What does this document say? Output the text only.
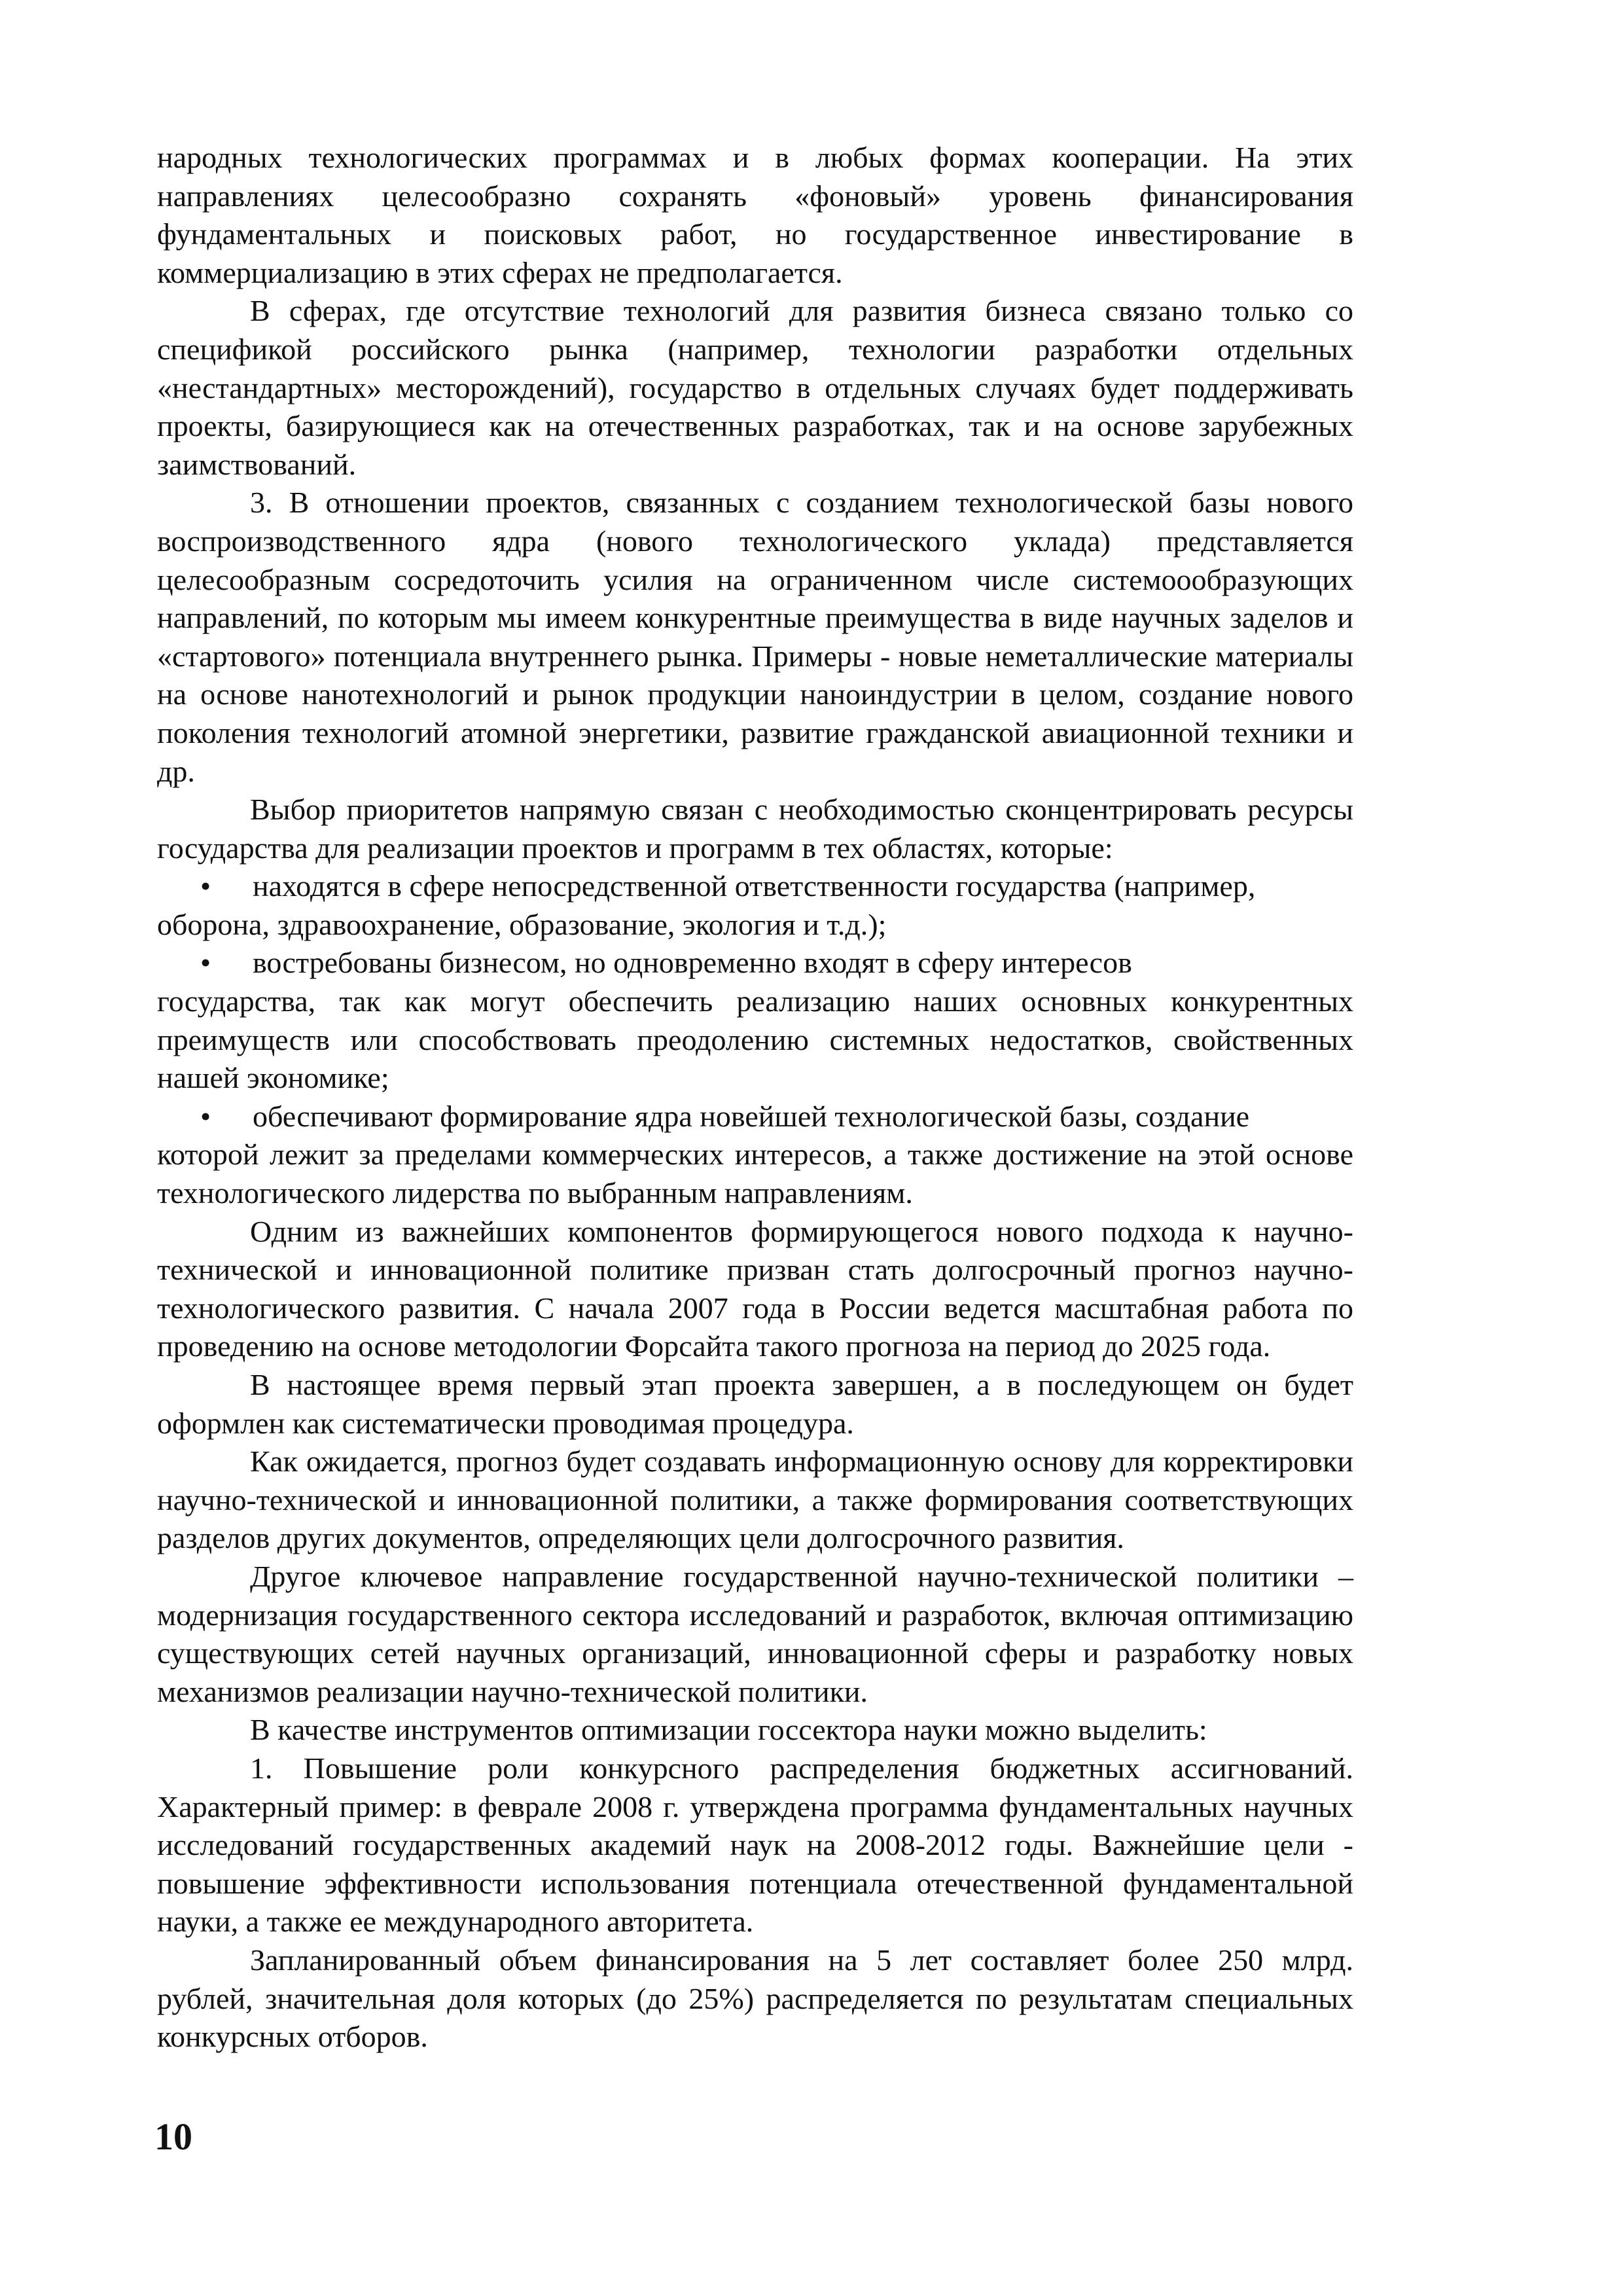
народных технологических программах и в любых формах кооперации. На этих направлениях целесообразно сохранять «фоновый» уровень финансирования фундаментальных и поисковых работ, но государственное инвестирование в коммерциализацию в этих сферах не предполагается.

В сферах, где отсутствие технологий для развития бизнеса связано только со спецификой российского рынка (например, технологии разработки отдельных «нестандартных» месторождений), государство в отдельных случаях будет поддерживать проекты, базирующиеся как на отечественных разработках, так и на основе зарубежных заимствований.

3. В отношении проектов, связанных с созданием технологической базы нового воспроизводственного ядра (нового технологического уклада) представляется целесообразным сосредоточить усилия на ограниченном числе системоообразующих направлений, по которым мы имеем конкурентные преимущества в виде научных заделов и «стартового» потенциала внутреннего рынка. Примеры - новые неметаллические материалы на основе нанотехнологий и рынок продукции наноиндустрии в целом, создание нового поколения технологий атомной энергетики, развитие гражданской авиационной техники и др.

Выбор приоритетов напрямую связан с необходимостью сконцентрировать ресурсы государства для реализации проектов и программ в тех областях, которые:

• находятся в сфере непосредственной ответственности государства (например,
оборона, здравоохранение, образование, экология и т.д.);
• востребованы бизнесом, но одновременно входят в сферу интересов
государства, так как могут обеспечить реализацию наших основных конкурентных преимуществ или способствовать преодолению системных недостатков, свойственных нашей экономике;
• обеспечивают формирование ядра новейшей технологической базы, создание
которой лежит за пределами коммерческих интересов, а также достижение на этой основе технологического лидерства по выбранным направлениям.

Одним из важнейших компонентов формирующегося нового подхода к научно-технической и инновационной политике призван стать долгосрочный прогноз научно-технологического развития. С начала 2007 года в России ведется масштабная работа по проведению на основе методологии Форсайта такого прогноза на период до 2025 года.

В настоящее время первый этап проекта завершен, а в последующем он будет оформлен как систематически проводимая процедура.

Как ожидается, прогноз будет создавать информационную основу для корректировки научно-технической и инновационной политики, а также формирования соответствующих разделов других документов, определяющих цели долгосрочного развития.

Другое ключевое направление государственной научно-технической политики – модернизация государственного сектора исследований и разработок, включая оптимизацию существующих сетей научных организаций, инновационной сферы и разработку новых механизмов реализации научно-технической политики.

В качестве инструментов оптимизации госсектора науки можно выделить:

1. Повышение роли конкурсного распределения бюджетных ассигнований. Характерный пример: в феврале 2008 г. утверждена программа фундаментальных научных исследований государственных академий наук на 2008-2012 годы. Важнейшие цели - повышение эффективности использования потенциала отечественной фундаментальной науки, а также ее международного авторитета.

Запланированный объем финансирования на 5 лет составляет более 250 млрд. рублей, значительная доля которых (до 25%) распределяется по результатам специальных конкурсных отборов.

10
